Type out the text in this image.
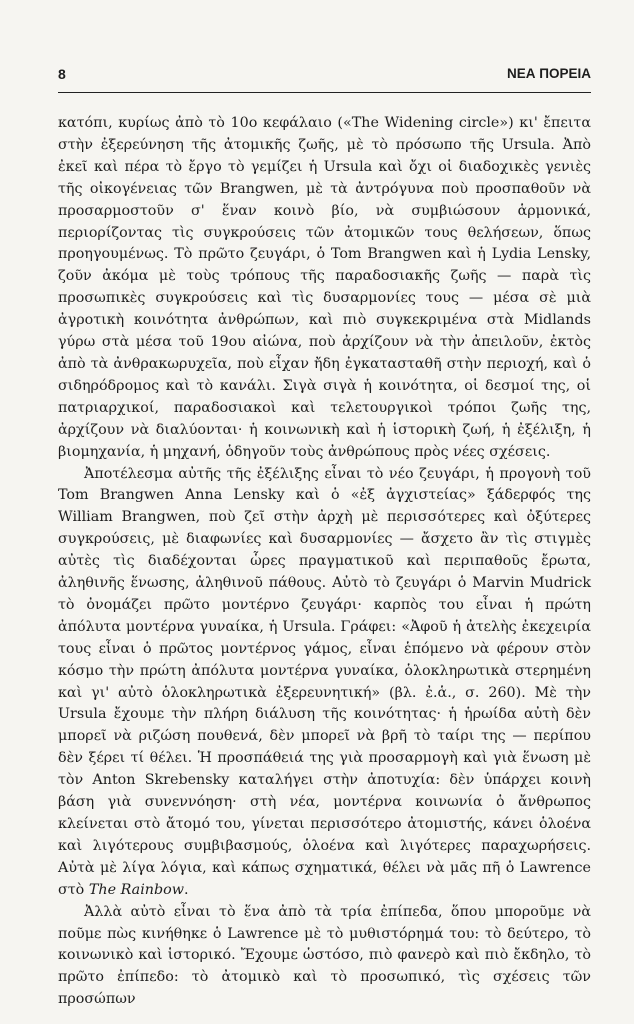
8	ΝΕΑ ΠΟΡΕΙΑ

κατόπι, κυρίως ἀπὸ τὸ 10ο κεφάλαιο («The Widening circle») κι' ἔπειτα στὴν ἐξερεύνηση τῆς ἀτομικῆς ζωῆς, μὲ τὸ πρόσωπο τῆς Ursula. Ἀπὸ ἐκεῖ καὶ πέρα τὸ ἔργο τὸ γεμίζει ἡ Ursula καὶ ὄχι οἱ διαδοχικὲς γενιὲς τῆς οἰκογένειας τῶν Brangwen, μὲ τὰ ἀντρόγυνα ποὺ προσπαθοῦν νὰ προσαρμοστοῦν σ' ἕναν κοινὸ βίο, νὰ συμβιώσουν ἁρμονικά, περιορίζοντας τὶς συγκρούσεις τῶν ἀτομικῶν τους θελήσεων, ὅπως προηγουμένως. Τὸ πρῶτο ζευγάρι, ὁ Tom Brangwen καὶ ἡ Lydia Lensky, ζοῦν ἀκόμα μὲ τοὺς τρόπους τῆς παραδοσιακῆς ζωῆς — παρὰ τὶς προσωπικὲς συγκρούσεις καὶ τὶς δυσαρμονίες τους — μέσα σὲ μιὰ ἀγροτικὴ κοινότητα ἀνθρώπων, καὶ πιὸ συγκεκριμένα στὰ Midlands γύρω στὰ μέσα τοῦ 19ου αἰώνα, ποὺ ἀρχίζουν νὰ τὴν ἀπειλοῦν, ἐκτὸς ἀπὸ τὰ ἀνθρακωρυχεῖα, ποὺ εἶχαν ἤδη ἐγκατασταθῆ στὴν περιοχή, καὶ ὁ σιδηρόδρομος καὶ τὸ κανάλι. Σιγὰ σιγὰ ἡ κοινότητα, οἱ δεσμοί της, οἱ πατριαρχικοί, παραδοσιακοὶ καὶ τελετουργικοὶ τρόποι ζωῆς της, ἀρχίζουν νὰ διαλύονται· ἡ κοινωνικὴ καὶ ἡ ἱστορικὴ ζωή, ἡ ἐξέλιξη, ἡ βιομηχανία, ἡ μηχανή, ὁδηγοῦν τοὺς ἀνθρώπους πρὸς νέες σχέσεις.

Ἀποτέλεσμα αὐτῆς τῆς ἐξέλιξης εἶναι τὸ νέο ζευγάρι, ἡ προγονὴ τοῦ Tom Brangwen Anna Lensky καὶ ὁ «ἐξ ἀγχιστείας» ξάδερφός της William Brangwen, ποὺ ζεῖ στὴν ἀρχὴ μὲ περισσότερες καὶ ὀξύτερες συγκρούσεις, μὲ διαφωνίες καὶ δυσαρμονίες — ἄσχετο ἂν τὶς στιγμὲς αὐτὲς τὶς διαδέχονται ὧρες πραγματικοῦ καὶ περιπαθοῦς ἔρωτα, ἀληθινῆς ἕνωσης, ἀληθινοῦ πάθους. Αὐτὸ τὸ ζευγάρι ὁ Marvin Mudrick τὸ ὀνομάζει πρῶτο μοντέρνο ζευγάρι· καρπὸς του εἶναι ἡ πρώτη ἀπόλυτα μοντέρνα γυναίκα, ἡ Ursula. Γράφει: «Ἀφοῦ ἡ ἀτελὴς ἐκεχειρία τους εἶναι ὁ πρῶτος μοντέρνος γάμος, εἶναι ἑπόμενο νὰ φέρουν στὸν κόσμο τὴν πρώτη ἀπόλυτα μοντέρνα γυναίκα, ὁλοκληρωτικὰ στερημένη καὶ γι' αὐτὸ ὁλοκληρωτικὰ ἐξερευνητική» (βλ. ἐ.ἁ., σ. 260). Μὲ τὴν Ursula ἔχουμε τὴν πλήρη διάλυση τῆς κοινότητας· ἡ ἡρωίδα αὐτὴ δὲν μπορεῖ νὰ ριζώση πουθενά, δὲν μπορεῖ νὰ βρῆ τὸ ταίρι της — περίπου δὲν ξέρει τί θέλει. Ἡ προσπάθειά της γιὰ προσαρμογὴ καὶ γιὰ ἕνωση μὲ τὸν Anton Skrebensky καταλήγει στὴν ἀποτυχία: δὲν ὑπάρχει κοινὴ βάση γιὰ συνεννόηση· στὴ νέα, μοντέρνα κοινωνία ὁ ἄνθρωπος κλείνεται στὸ ἄτομό του, γίνεται περισσότερο ἀτομιστής, κάνει ὁλοένα καὶ λιγότερους συμβιβασμούς, ὁλοένα καὶ λιγότερες παραχωρήσεις. Αὐτὰ μὲ λίγα λόγια, καὶ κάπως σχηματικά, θέλει νὰ μᾶς πῆ ὁ Lawrence στὸ The Rainbow.

Ἀλλὰ αὐτὸ εἶναι τὸ ἕνα ἀπὸ τὰ τρία ἐπίπεδα, ὅπου μποροῦμε νὰ ποῦμε πὼς κινήθηκε ὁ Lawrence μὲ τὸ μυθιστόρημά του: τὸ δεύτερο, τὸ κοινωνικὸ καὶ ἱστορικό. Ἔχουμε ὡστόσο, πιὸ φανερὸ καὶ πιὸ ἔκδηλο, τὸ πρῶτο ἐπίπεδο: τὸ ἀτομικὸ καὶ τὸ προσωπικό, τὶς σχέσεις τῶν προσώπων
